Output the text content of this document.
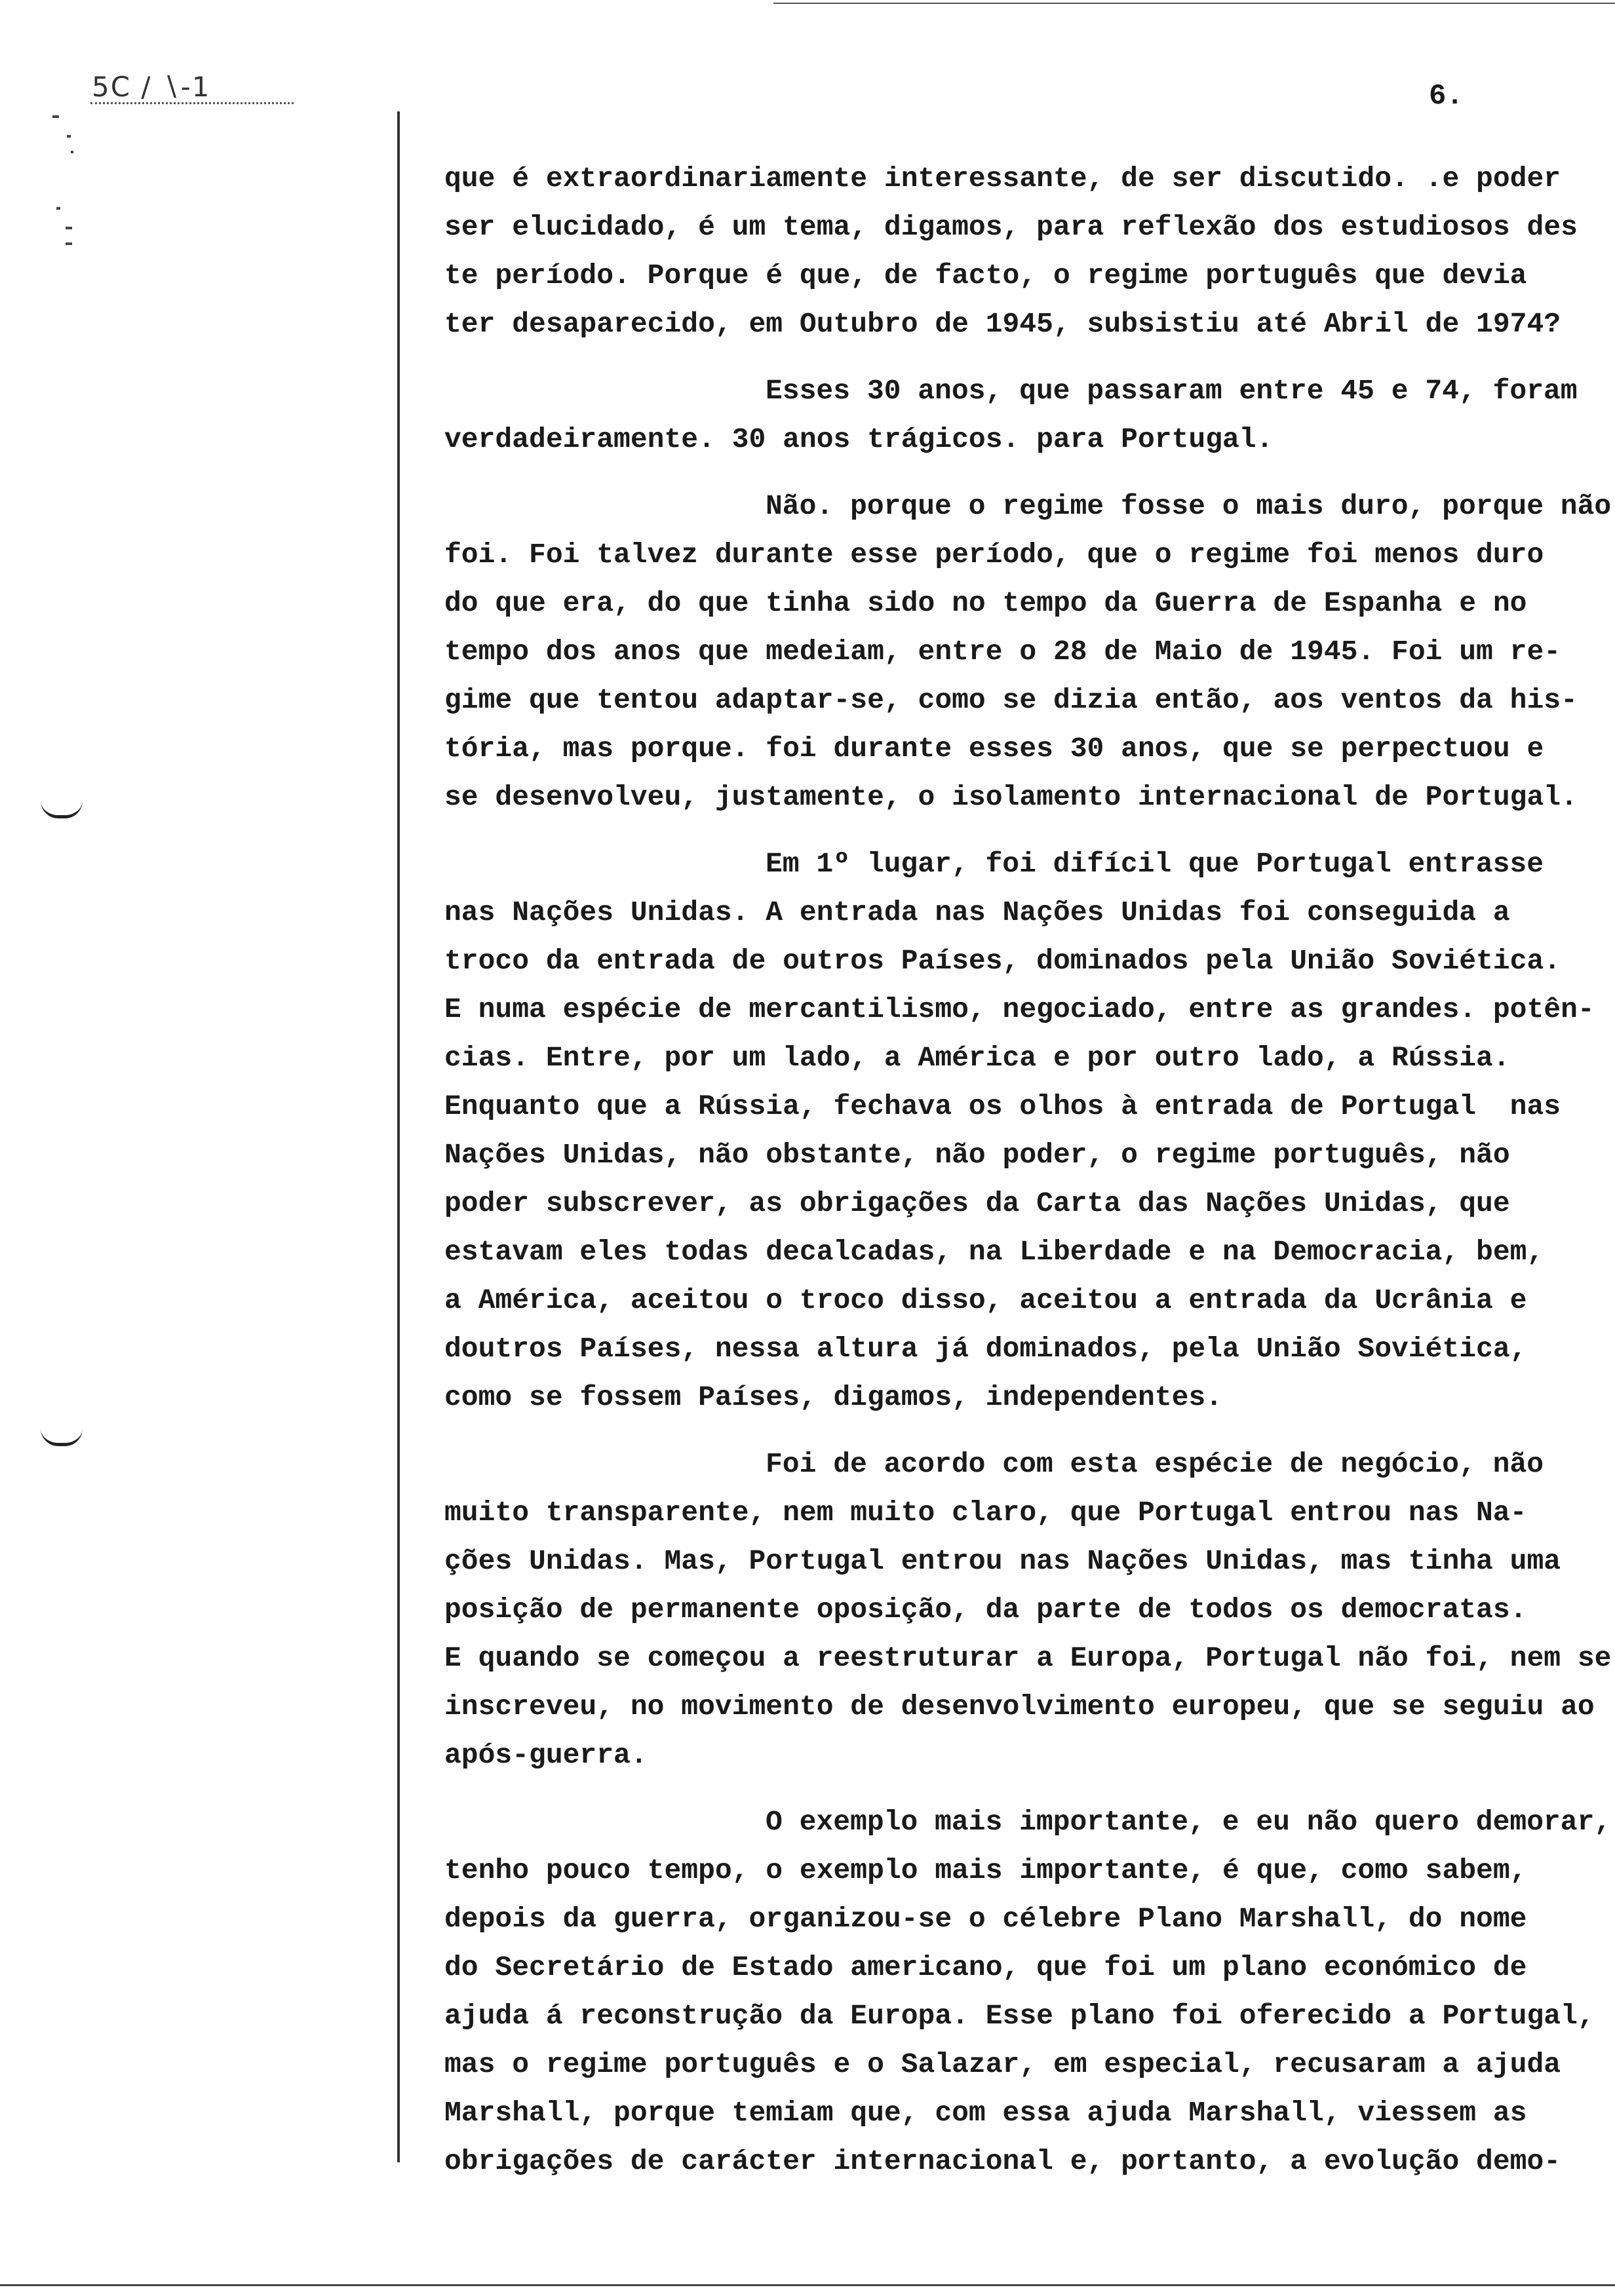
5C / ∖-1	6.
que é extraordinariamente interessante, de ser discutido. .e poder
ser elucidado, é um tema, digamos, para reflexão dos estudiosos des
te período. Porque é que, de facto, o regime português que devia
ter desaparecido, em Outubro de 1945, subsistiu até Abril de 1974?
Esses 30 anos, que passaram entre 45 e 74, foram
verdadeiramente. 30 anos trágicos. para Portugal.
Não. porque o regime fosse o mais duro, porque não
foi. Foi talvez durante esse período, que o regime foi menos duro
do que era, do que tinha sido no tempo da Guerra de Espanha e no
tempo dos anos que medeiam, entre o 28 de Maio de 1945. Foi um re-
gime que tentou adaptar-se, como se dizia então, aos ventos da his-
tória, mas porque. foi durante esses 30 anos, que se perpectuou e
se desenvolveu, justamente, o isolamento internacional de Portugal.
Em 1º lugar, foi difícil que Portugal entrasse
nas Nações Unidas. A entrada nas Nações Unidas foi conseguida a
troco da entrada de outros Países, dominados pela União Soviética.
E numa espécie de mercantilismo, negociado, entre as grandes. potên-
cias. Entre, por um lado, a América e por outro lado, a Rússia.
Enquanto que a Rússia, fechava os olhos à entrada de Portugal  nas
Nações Unidas, não obstante, não poder, o regime português, não
poder subscrever, as obrigações da Carta das Nações Unidas, que
estavam eles todas decalcadas, na Liberdade e na Democracia, bem,
a América, aceitou o troco disso, aceitou a entrada da Ucrânia e
doutros Países, nessa altura já dominados, pela União Soviética,
como se fossem Países, digamos, independentes.
Foi de acordo com esta espécie de negócio, não
muito transparente, nem muito claro, que Portugal entrou nas Na-
ções Unidas. Mas, Portugal entrou nas Nações Unidas, mas tinha uma
posição de permanente oposição, da parte de todos os democratas.
E quando se começou a reestruturar a Europa, Portugal não foi, nem se
inscreveu, no movimento de desenvolvimento europeu, que se seguiu ao
após-guerra.
O exemplo mais importante, e eu não quero demorar,
tenho pouco tempo, o exemplo mais importante, é que, como sabem,
depois da guerra, organizou-se o célebre Plano Marshall, do nome
do Secretário de Estado americano, que foi um plano económico de
ajuda á reconstrução da Europa. Esse plano foi oferecido a Portugal,
mas o regime português e o Salazar, em especial, recusaram a ajuda
Marshall, porque temiam que, com essa ajuda Marshall, viessem as
obrigações de carácter internacional e, portanto, a evolução demo-
